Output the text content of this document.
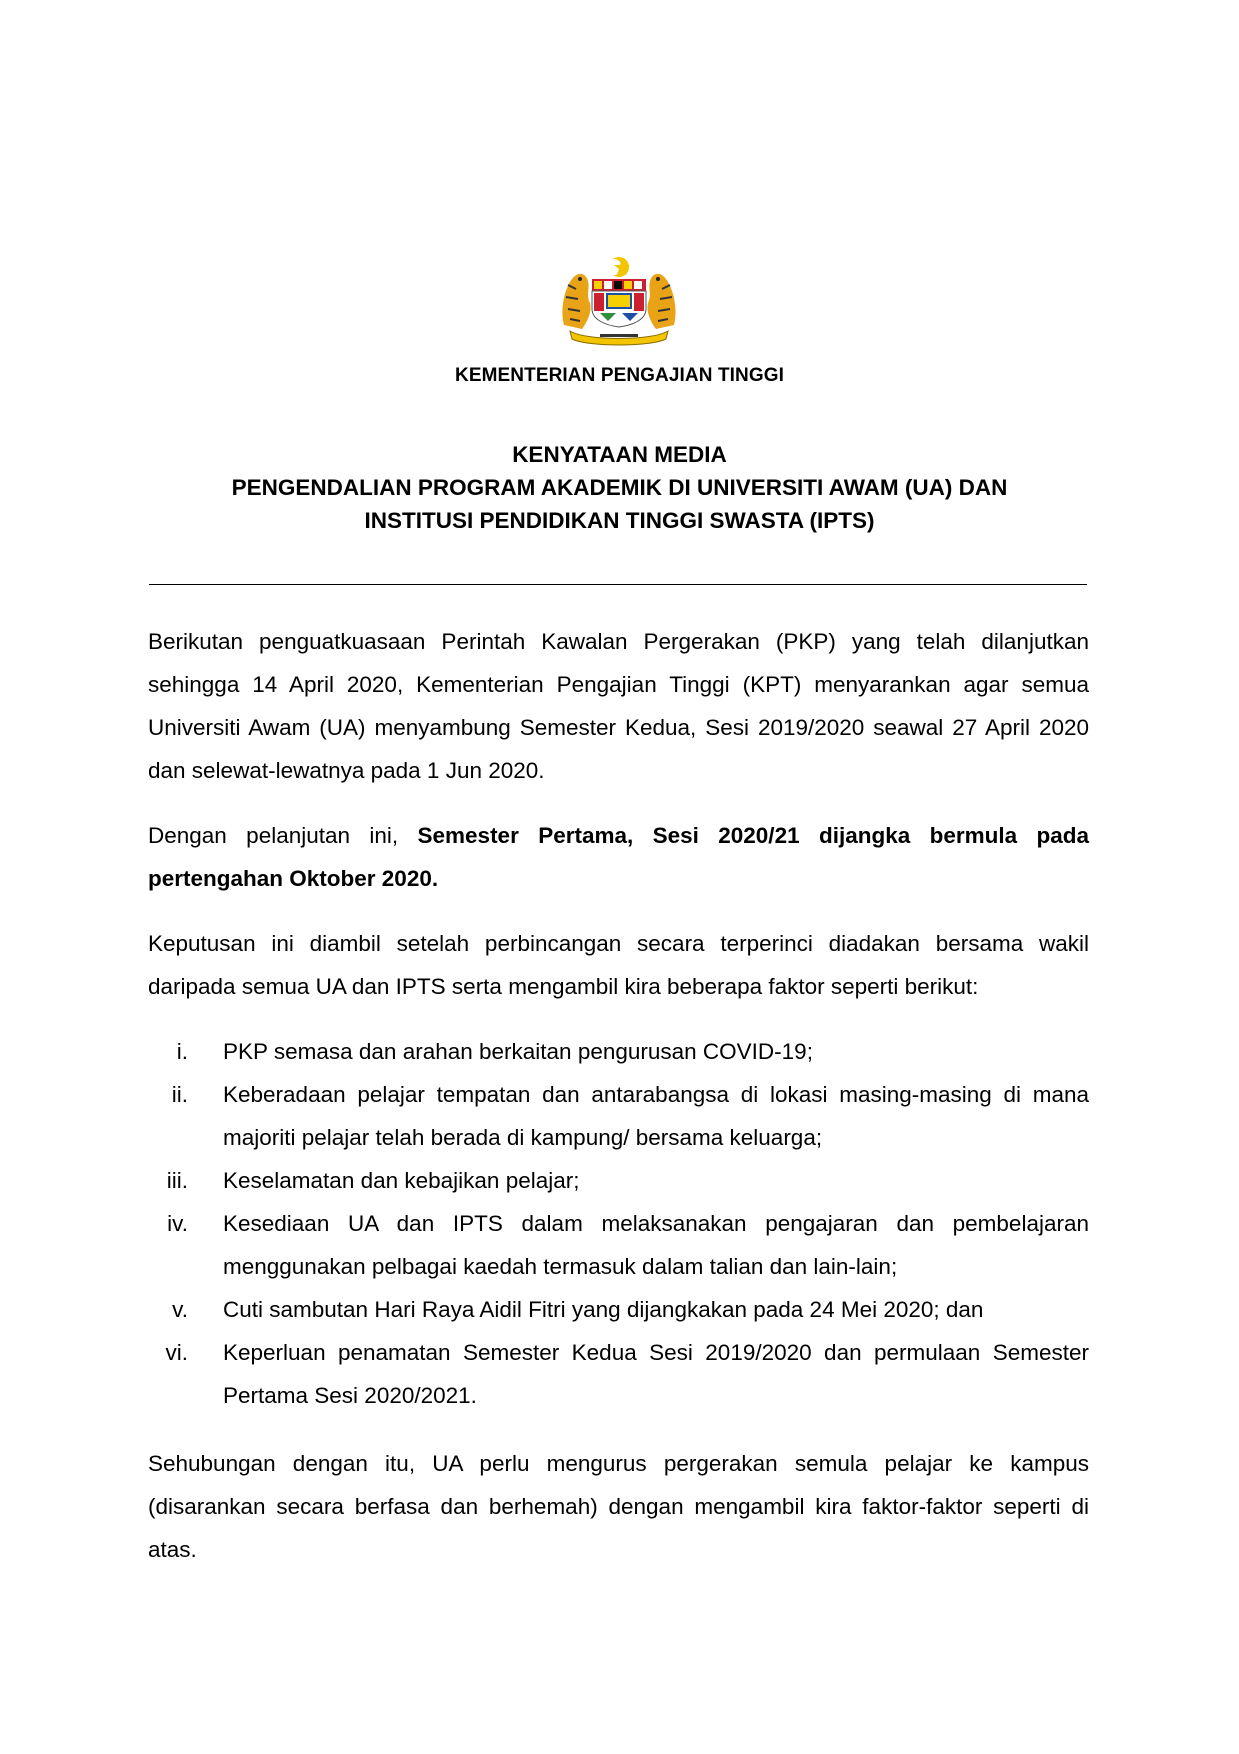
KEMENTERIAN PENGAJIAN TINGGI
KENYATAAN MEDIA
PENGENDALIAN PROGRAM AKADEMIK DI UNIVERSITI AWAM (UA) DAN
INSTITUSI PENDIDIKAN TINGGI SWASTA (IPTS)

Berikutan penguatkuasaan Perintah Kawalan Pergerakan (PKP) yang telah dilanjutkan sehingga 14 April 2020, Kementerian Pengajian Tinggi (KPT) menyarankan agar semua Universiti Awam (UA) menyambung Semester Kedua, Sesi 2019/2020 seawal 27 April 2020 dan selewat-lewatnya pada 1 Jun 2020.

Dengan pelanjutan ini, Semester Pertama, Sesi 2020/21 dijangka bermula pada pertengahan Oktober 2020.

Keputusan ini diambil setelah perbincangan secara terperinci diadakan bersama wakil daripada semua UA dan IPTS serta mengambil kira beberapa faktor seperti berikut:

i. PKP semasa dan arahan berkaitan pengurusan COVID-19;
ii. Keberadaan pelajar tempatan dan antarabangsa di lokasi masing-masing di mana majoriti pelajar telah berada di kampung/ bersama keluarga;
iii. Keselamatan dan kebajikan pelajar;
iv. Kesediaan UA dan IPTS dalam melaksanakan pengajaran dan pembelajaran menggunakan pelbagai kaedah termasuk dalam talian dan lain-lain;
v. Cuti sambutan Hari Raya Aidil Fitri yang dijangkakan pada 24 Mei 2020; dan
vi. Keperluan penamatan Semester Kedua Sesi 2019/2020 dan permulaan Semester Pertama Sesi 2020/2021.

Sehubungan dengan itu, UA perlu mengurus pergerakan semula pelajar ke kampus (disarankan secara berfasa dan berhemah) dengan mengambil kira faktor-faktor seperti di atas.
